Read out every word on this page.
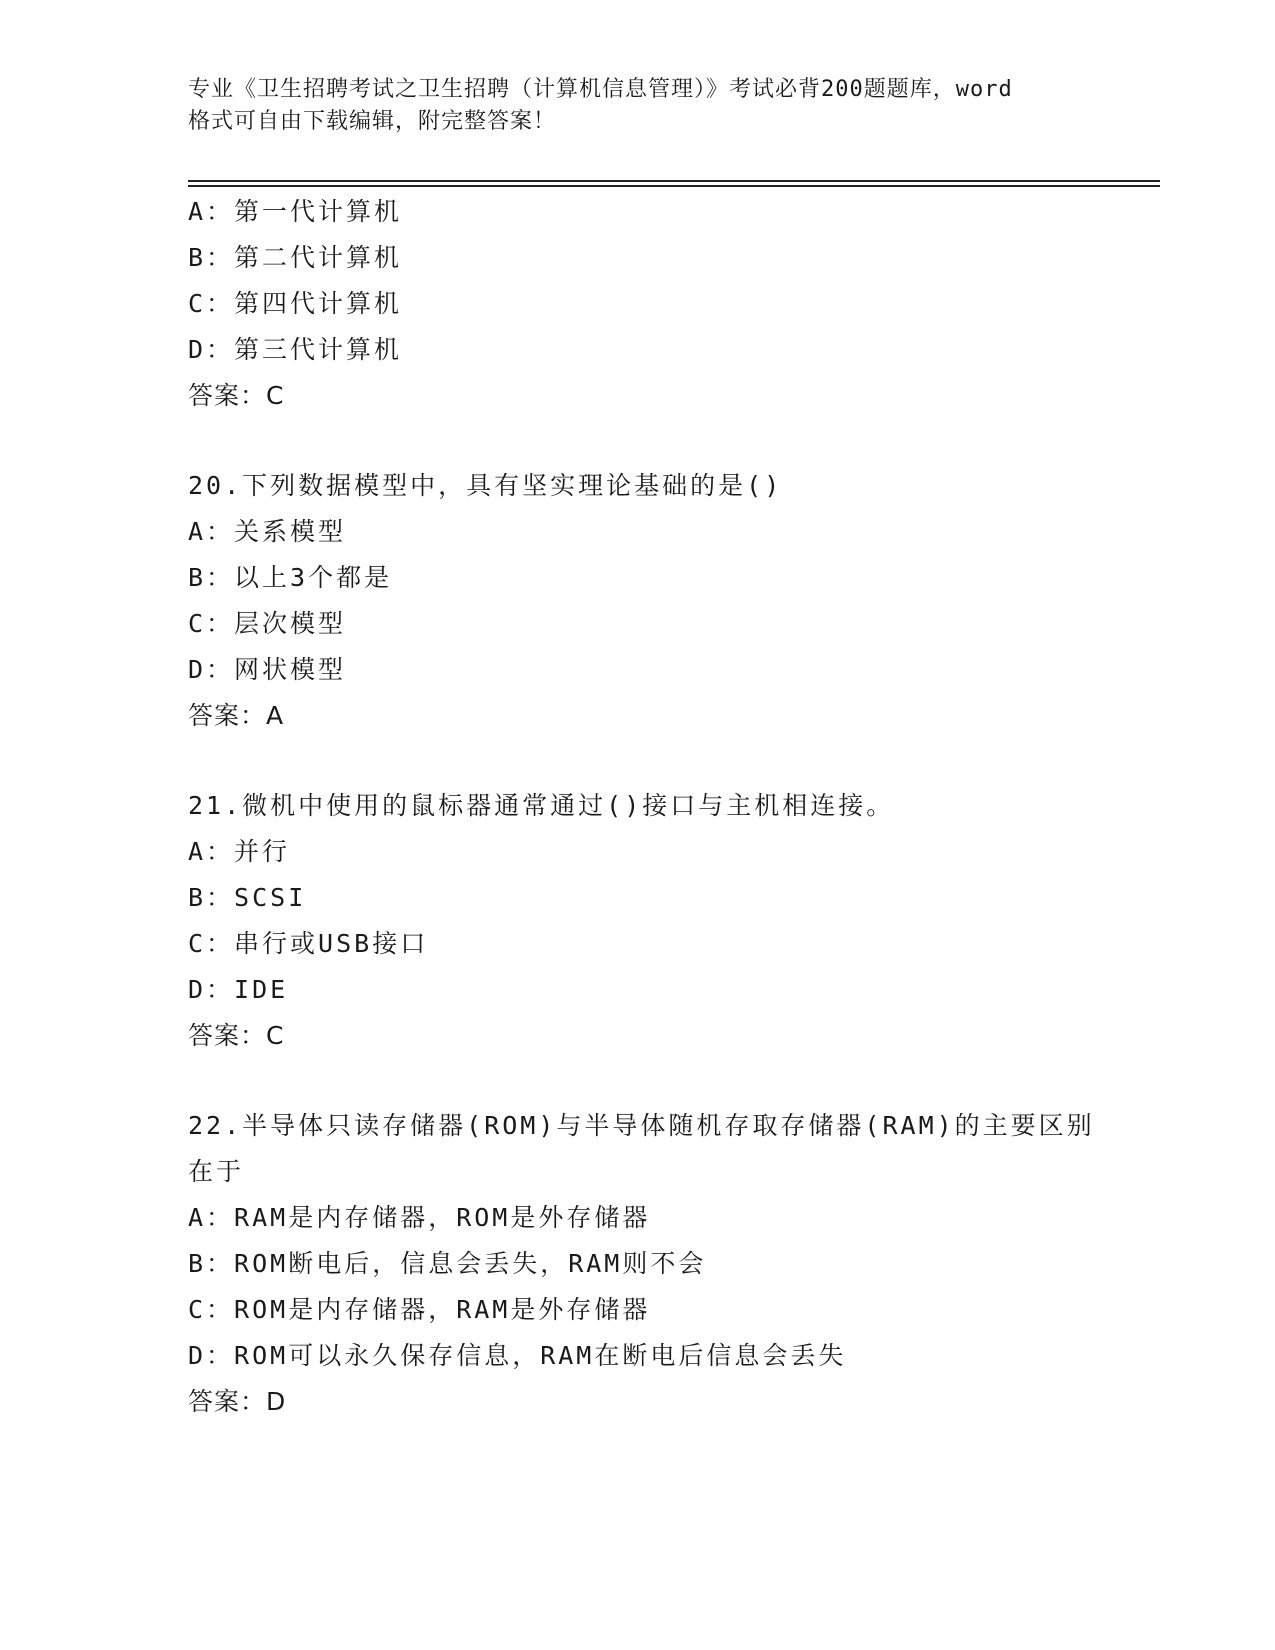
专业《卫生招聘考试之卫生招聘（计算机信息管理）》考试必背200题题库，word
格式可自由下载编辑，附完整答案！
A：第一代计算机
B：第二代计算机
C：第四代计算机
D：第三代计算机
答案：C
20.下列数据模型中，具有坚实理论基础的是()
A：关系模型
B：以上3个都是
C：层次模型
D：网状模型
答案：A
21.微机中使用的鼠标器通常通过()接口与主机相连接。
A：并行
B：SCSI
C：串行或USB接口
D：IDE
答案：C
22.半导体只读存储器(ROM)与半导体随机存取存储器(RAM)的主要区别
在于
A：RAM是内存储器，ROM是外存储器
B：ROM断电后，信息会丢失，RAM则不会
C：ROM是内存储器，RAM是外存储器
D：ROM可以永久保存信息，RAM在断电后信息会丢失
答案：D
